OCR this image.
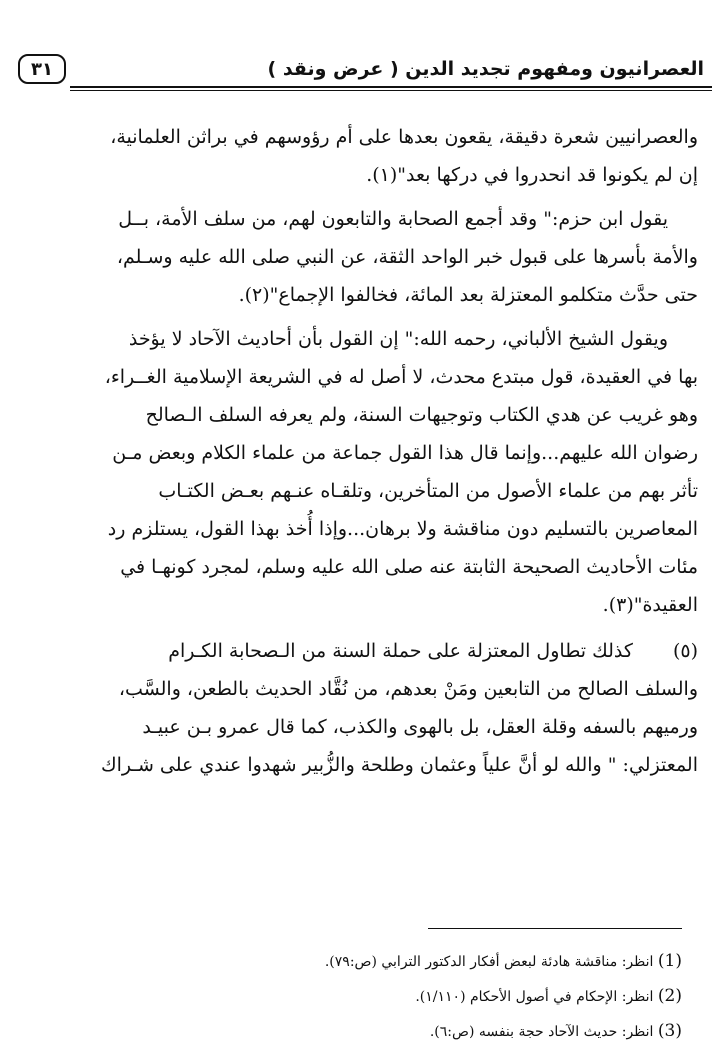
العصرانيون ومفهوم تجديد الدين ( عرض ونقد )
٣١
والعصرانيين شعرة دقيقة، يقعون بعدها على أم رؤوسهم في براثن العلمانية،
إن لم يكونوا قد انحدروا في دركها بعد"(١).
يقول ابن حزم:" وقد أجمع الصحابة والتابعون لهم، من سلف الأمة، بــل
والأمة بأسرها على قبول خبر الواحد الثقة، عن النبي صلى الله عليه وسـلم،
حتى حدَّث متكلمو المعتزلة بعد المائة، فخالفوا الإجماع"(٢).
ويقول الشيخ الألباني، رحمه الله:" إن القول بأن أحاديث الآحاد لا يؤخذ
بها في العقيدة، قول مبتدع محدث، لا أصل له في الشريعة الإسلامية الغــراء،
وهو غريب عن هدي الكتاب وتوجيهات السنة، ولم يعرفه السلف الـصالح
رضوان الله عليهم...وإنما قال هذا القول جماعة من علماء الكلام وبعض مـن
تأثر بهم من علماء الأصول من المتأخرين، وتلقـاه عنـهم بعـض الكتـاب
المعاصرين بالتسليم دون مناقشة ولا برهان...وإذا أُخذ بهذا القول، يستلزم رد
مئات الأحاديث الصحيحة الثابتة عنه صلى الله عليه وسلم، لمجرد كونهـا في
العقيدة"(٣).
(٥)كذلك تطاول المعتزلة على حملة السنة من الـصحابة الكـرام
والسلف الصالح من التابعين ومَنْ بعدهم، من نُقَّاد الحديث بالطعن، والسَّب،
ورميهم بالسفه وقلة العقل، بل بالهوى والكذب، كما قال عمرو بـن عبيـد
المعتزلي: " والله لو أنَّ علياً وعثمان وطلحة والزُّبير شهدوا عندي على شـراك
(1) انظر: مناقشة هادئة لبعض أفكار الدكتور الترابي (ص:٧٩).
(2) انظر: الإحكام في أصول الأحكام (١/١١٠).
(3) انظر: حديث الآحاد حجة بنفسه (ص:٦).
